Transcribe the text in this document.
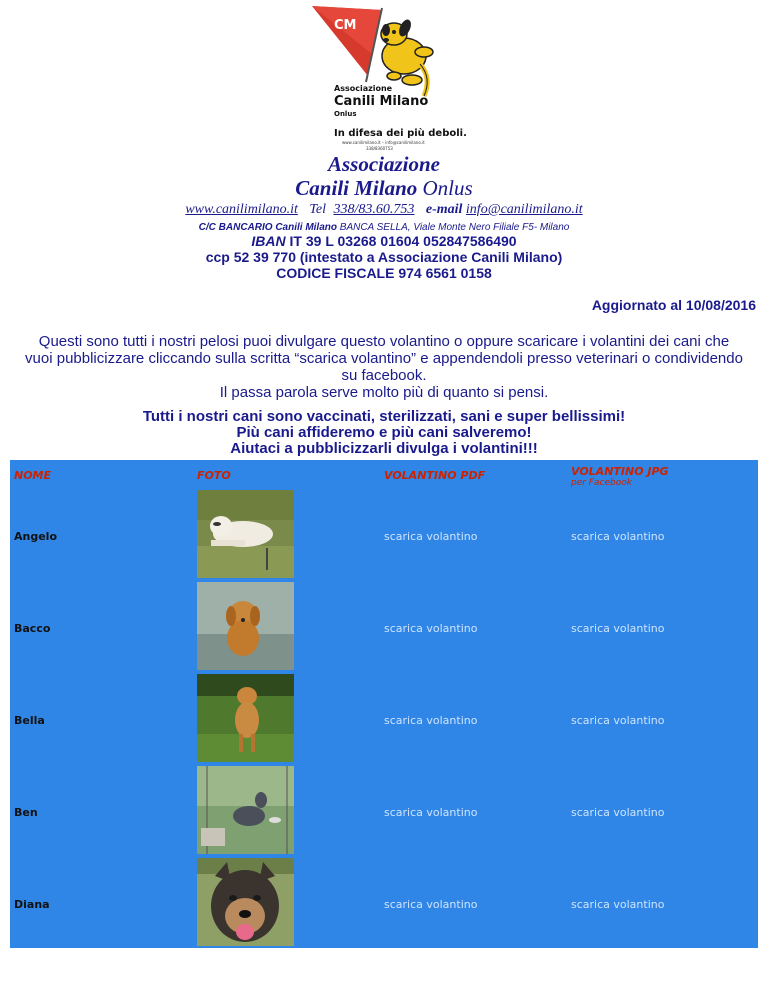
CM
Associazione
Canili Milano
Onlus
In difesa dei più deboli.
www.canilimilano.it – info@canilimilano.it
338/8360753
Associazione
Canili Milano Onlus
www.canilimilano.it Tel 338/83.60.753 e-mail info@canilimilano.it
C/C BANCARIO Canili Milano BANCA SELLA, Viale Monte Nero Filiale F5- Milano
IBAN IT 39 L 03268 01604 052847586490
ccp 52 39 770 (intestato a Associazione Canili Milano)
CODICE FISCALE 974 6561 0158
Aggiornato al 10/08/2016
Questi sono tutti i nostri pelosi puoi divulgare questo volantino o oppure scaricare i volantini dei cani che
vuoi pubblicizzare cliccando sulla scritta “scarica volantino” e appendendoli presso veterinari o condividendo
su facebook.
Il passa parola serve molto più di quanto si pensi.
Tutti i nostri cani sono vaccinati, sterilizzati, sani e super bellissimi!
Più cani affideremo e più cani salveremo!
Aiutaci a pubblicizzarli divulga i volantini!!!
NOME	FOTO	VOLANTINO PDF	VOLANTINO JPG
per Facebook
Angelo	scarica volantino	scarica volantino
Bacco	scarica volantino	scarica volantino
Bella	scarica volantino	scarica volantino
Ben	scarica volantino	scarica volantino
Diana	scarica volantino	scarica volantino
